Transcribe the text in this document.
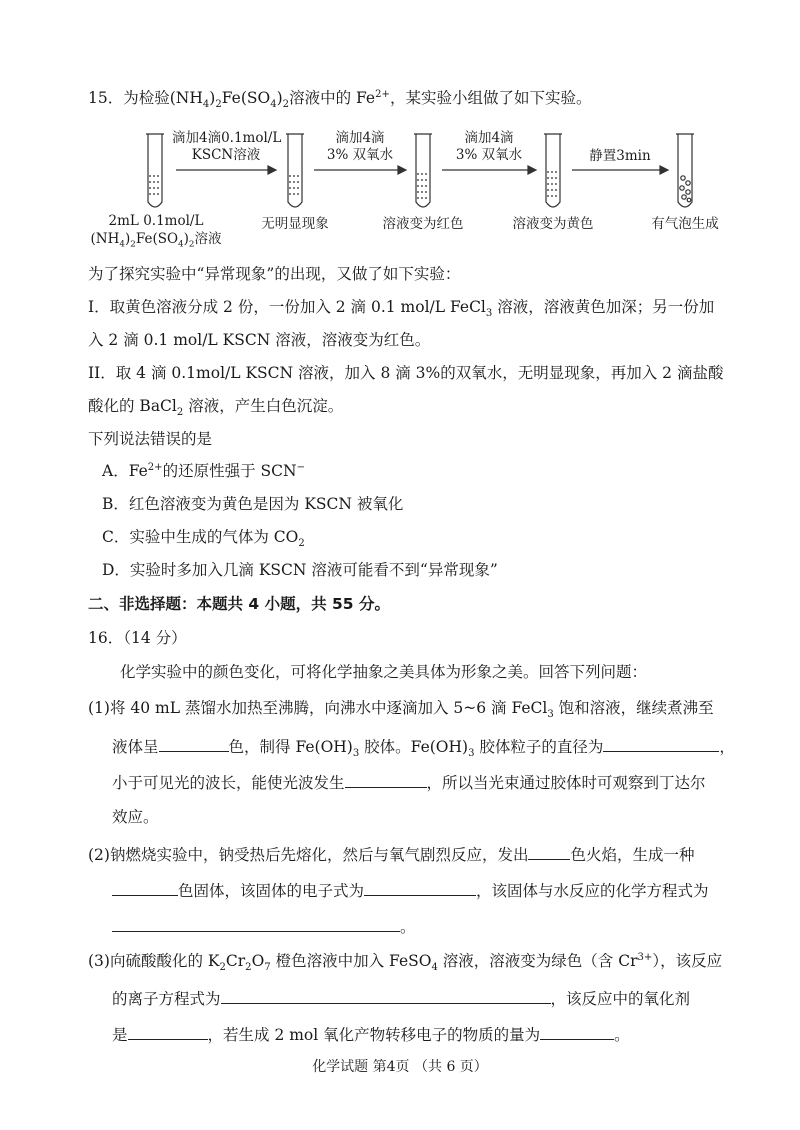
15．为检验$(NH_4)_2Fe(SO_4)_2$溶液中的 $Fe^{2+}$，某实验小组做了如下实验。
滴加4滴0.1mol/L
KSCN溶液
滴加4滴
3% 双氧水
滴加4滴
3% 双氧水	静置3min
2mL 0.1mol/L
$(NH_4)_2Fe(SO_4)_2$溶液
无明显现象	溶液变为红色	溶液变为黄色	有气泡生成
为了探究实验中“异常现象”的出现，又做了如下实验：
I．取黄色溶液分成 2 份，一份加入 2 滴 0.1 mol/L FeCl$_3$ 溶液，溶液黄色加深；另一份加
入 2 滴 0.1 mol/L KSCN 溶液，溶液变为红色。
II．取 4 滴 0.1mol/L KSCN 溶液，加入 8 滴 3%的双氧水，无明显现象，再加入 2 滴盐酸
酸化的 BaCl$_2$ 溶液，产生白色沉淀。
下列说法错误的是
A．$Fe^{2+}$的还原性强于 SCN−
B．红色溶液变为黄色是因为 KSCN 被氧化
C．实验中生成的气体为 $CO_2$
D．实验时多加入几滴 KSCN 溶液可能看不到“异常现象”
二、非选择题：本题共 4 小题，共 55 分。
16．（14 分）
化学实验中的颜色变化，可将化学抽象之美具体为形象之美。回答下列问题：
(1)将 40 mL 蒸馏水加热至沸腾，向沸水中逐滴加入 5~6 滴 FeCl$_3$ 饱和溶液，继续煮沸至
液体呈	色，制得 $Fe(OH)_3$ 胶体。$Fe(OH)_3$ 胶体粒子的直径为	，
小于可见光的波长，能使光波发生	，所以当光束通过胶体时可观察到丁达尔
效应。
(2)钠燃烧实验中，钠受热后先熔化，然后与氧气剧烈反应，发出	色火焰，生成一种
色固体，该固体的电子式为	，该固体与水反应的化学方程式为
。
(3)向硫酸酸化的 $K_2Cr_2O_7$ 橙色溶液中加入 FeSO$_4$ 溶液，溶液变为绿色（含 $Cr^{3+}$），该反应
的离子方程式为	，该反应中的氧化剂
是	，若生成 2 mol 氧化产物转移电子的物质的量为	。
化学试题 第4页 （共 6 页）
